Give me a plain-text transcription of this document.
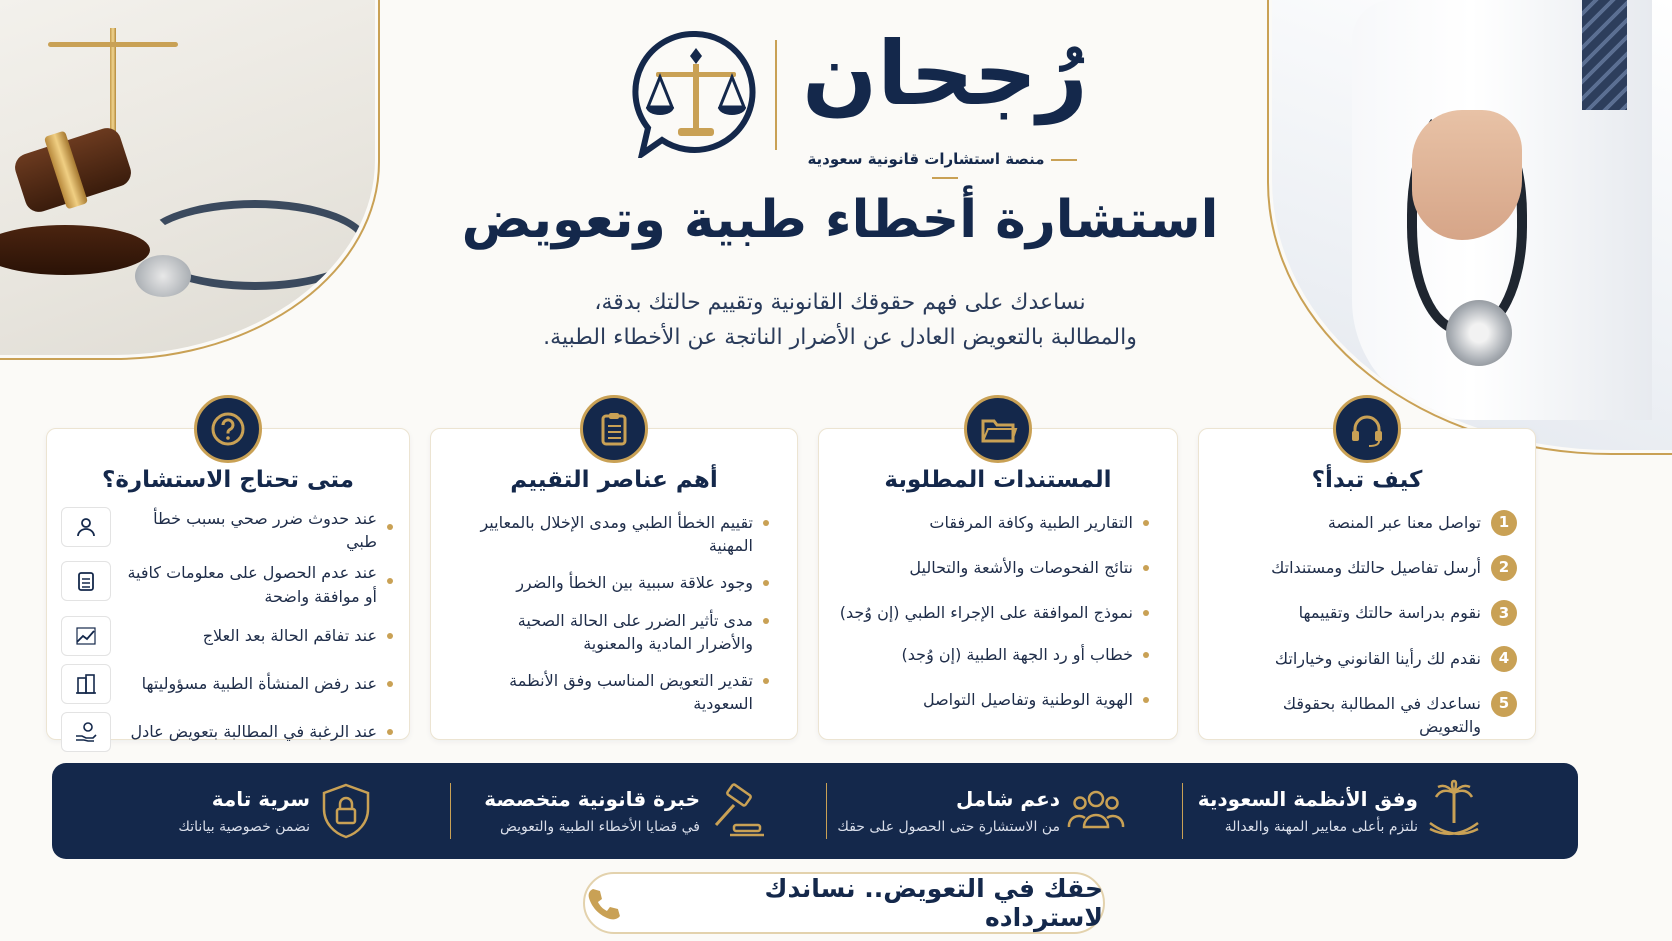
رُجحان
منصة استشارات قانونية سعودية
استشارة أخطاء طبية وتعويض
نساعدك على فهم حقوقك القانونية وتقييم حالتك بدقة،
والمطالبة بالتعويض العادل عن الأضرار الناتجة عن الأخطاء الطبية.
كيف تبدأ؟
1
تواصل معنا عبر المنصة
2
أرسل تفاصيل حالتك ومستنداتك
3
نقوم بدراسة حالتك وتقييمها
4
نقدم لك رأينا القانوني وخياراتك
5
نساعدك في المطالبة بحقوقك والتعويض
المستندات المطلوبة
التقارير الطبية وكافة المرفقات
نتائج الفحوصات والأشعة والتحاليل
نموذج الموافقة على الإجراء الطبي (إن وُجد)
خطاب أو رد الجهة الطبية (إن وُجد)
الهوية الوطنية وتفاصيل التواصل
أهم عناصر التقييم
تقييم الخطأ الطبي ومدى الإخلال بالمعايير المهنية
وجود علاقة سببية بين الخطأ والضرر
مدى تأثير الضرر على الحالة الصحية والأضرار المادية والمعنوية
تقدير التعويض المناسب وفق الأنظمة السعودية
متى تحتاج الاستشارة؟
عند حدوث ضرر صحي بسبب خطأ طبي
عند عدم الحصول على معلومات كافية أو موافقة واضحة
عند تفاقم الحالة بعد العلاج
عند رفض المنشأة الطبية مسؤوليتها
عند الرغبة في المطالبة بتعويض عادل
وفق الأنظمة السعودية
نلتزم بأعلى معايير المهنة والعدالة
دعم شامل
من الاستشارة حتى الحصول على حقك
خبرة قانونية متخصصة
في قضايا الأخطاء الطبية والتعويض
سرية تامة
نضمن خصوصية بياناتك
حقك في التعويض.. نساندك لاسترداده
